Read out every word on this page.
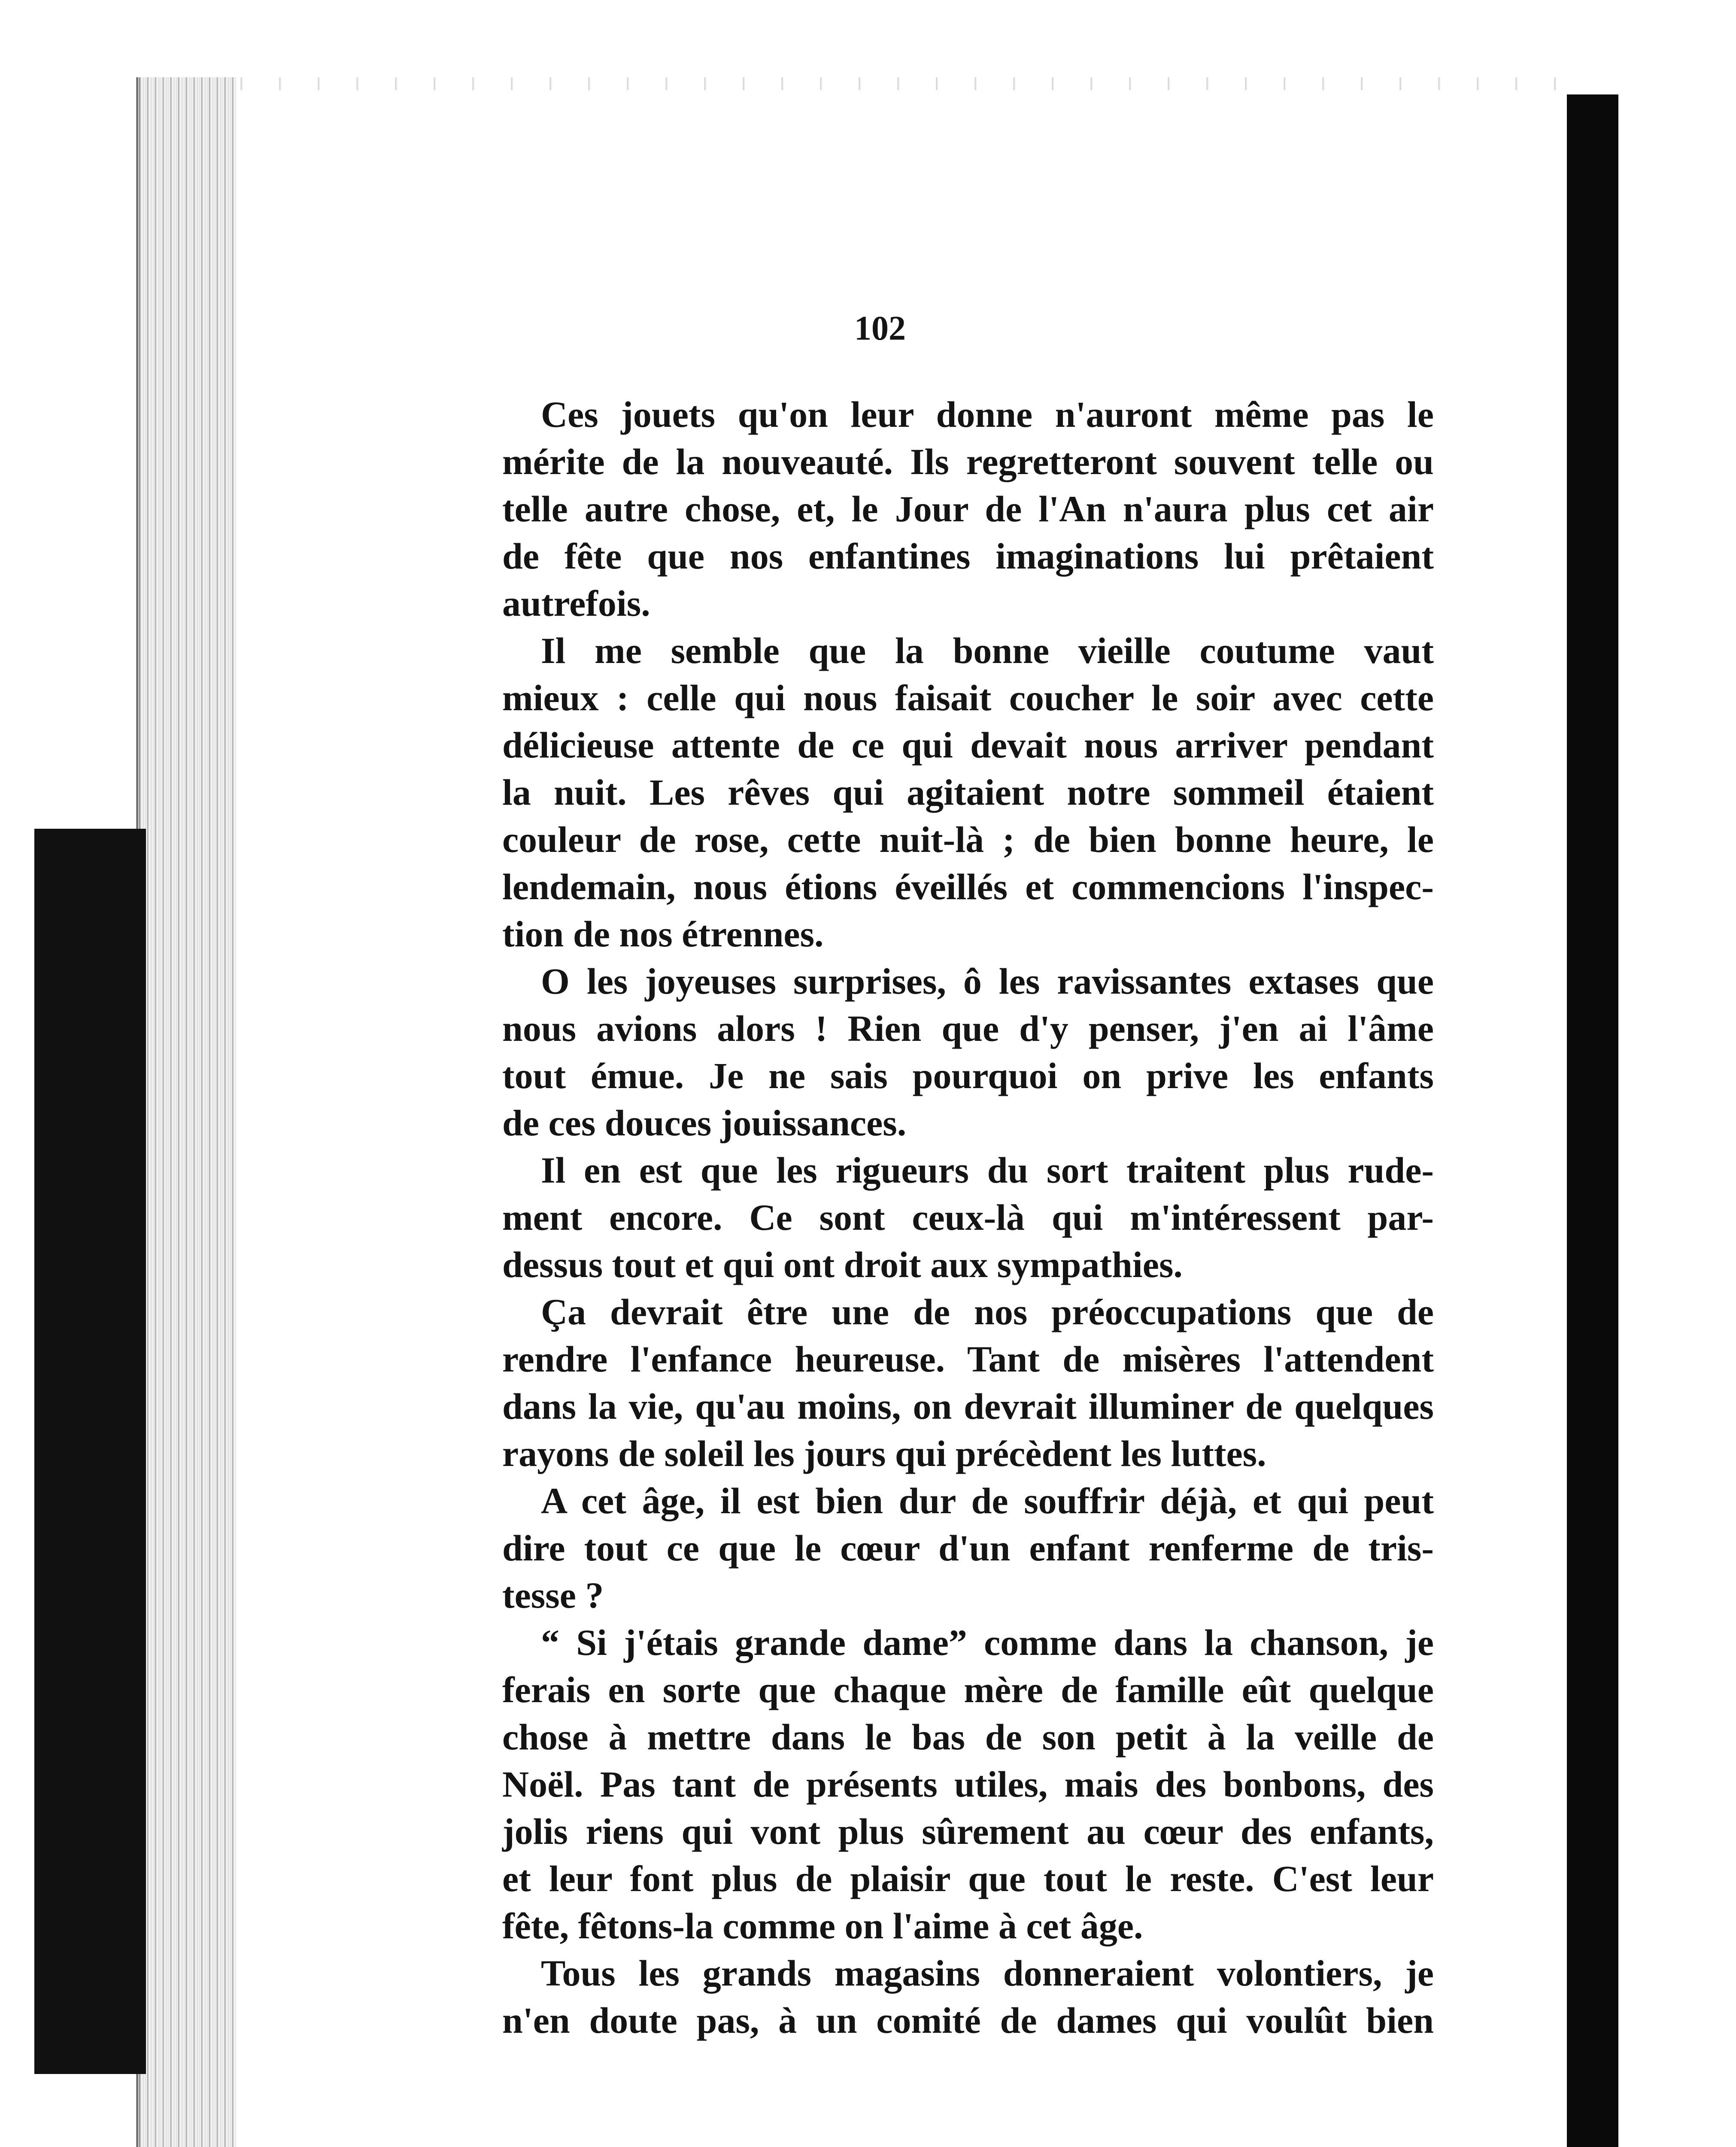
102

Ces jouets qu'on leur donne n'auront même pas le
mérite de la nouveauté. Ils regretteront souvent telle ou
telle autre chose, et, le Jour de l'An n'aura plus cet air
de fête que nos enfantines imaginations lui prêtaient
autrefois.

Il me semble que la bonne vieille coutume vaut
mieux : celle qui nous faisait coucher le soir avec cette
délicieuse attente de ce qui devait nous arriver pendant
la nuit. Les rêves qui agitaient notre sommeil étaient
couleur de rose, cette nuit-là ; de bien bonne heure, le
lendemain, nous étions éveillés et commencions l'inspec-
tion de nos étrennes.

O les joyeuses surprises, ô les ravissantes extases que
nous avions alors ! Rien que d'y penser, j'en ai l'âme
tout émue. Je ne sais pourquoi on prive les enfants
de ces douces jouissances.

Il en est que les rigueurs du sort traitent plus rude-
ment encore. Ce sont ceux-là qui m'intéressent par-
dessus tout et qui ont droit aux sympathies.

Ça devrait être une de nos préoccupations que de
rendre l'enfance heureuse. Tant de misères l'attendent
dans la vie, qu'au moins, on devrait illuminer de quelques
rayons de soleil les jours qui précèdent les luttes.

A cet âge, il est bien dur de souffrir déjà, et qui peut
dire tout ce que le cœur d'un enfant renferme de tris-
tesse ?

“ Si j'étais grande dame” comme dans la chanson, je
ferais en sorte que chaque mère de famille eût quelque
chose à mettre dans le bas de son petit à la veille de
Noël. Pas tant de présents utiles, mais des bonbons, des
jolis riens qui vont plus sûrement au cœur des enfants,
et leur font plus de plaisir que tout le reste. C'est leur
fête, fêtons-la comme on l'aime à cet âge.

Tous les grands magasins donneraient volontiers, je
n'en doute pas, à un comité de dames qui voulût bien
